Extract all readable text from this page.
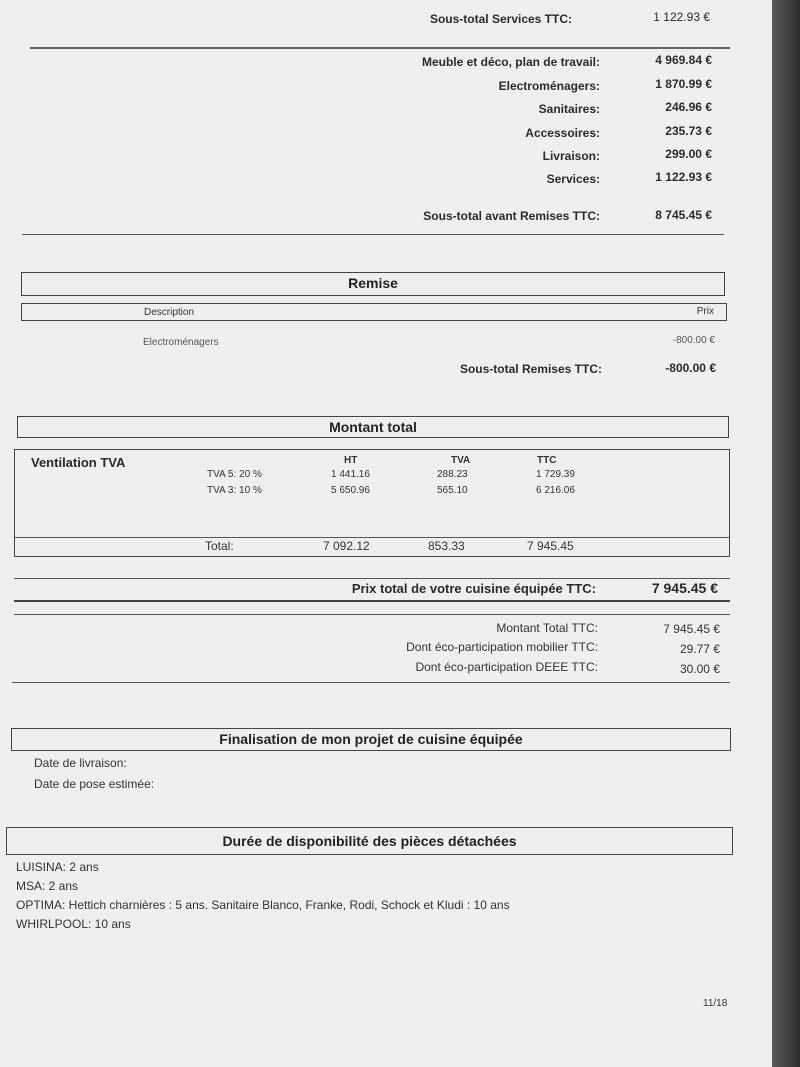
Sous-total Services TTC:	1 122.93 €
Meuble et déco, plan de travail:	4 969.84 €
Electroménagers:	1 870.99 €
Sanitaires:	246.96 €
Accessoires:	235.73 €
Livraison:	299.00 €
Services:	1 122.93 €
Sous-total avant Remises TTC:	8 745.45 €
Remise
Description	Prix
Electroménagers	-800.00 €
Sous-total Remises TTC:	-800.00 €
Montant total
Ventilation TVA	HT	TVA	TTC
TVA 5: 20 %	1 441.16	288.23	1 729.39
TVA 3: 10 %	5 650.96	565.10	6 216.06
Total:	7 092.12	853.33	7 945.45
Prix total de votre cuisine équipée TTC:	7 945.45 €
Montant Total TTC:	7 945.45 €
Dont éco-participation mobilier TTC:	29.77 €
Dont éco-participation DEEE TTC:	30.00 €
Finalisation de mon projet de cuisine équipée
Date de livraison:
Date de pose estimée:
Durée de disponibilité des pièces détachées
LUISINA: 2 ans
MSA: 2 ans
OPTIMA: Hettich charnières : 5 ans. Sanitaire Blanco, Franke, Rodi, Schock et Kludi : 10 ans
WHIRLPOOL: 10 ans
11/18
